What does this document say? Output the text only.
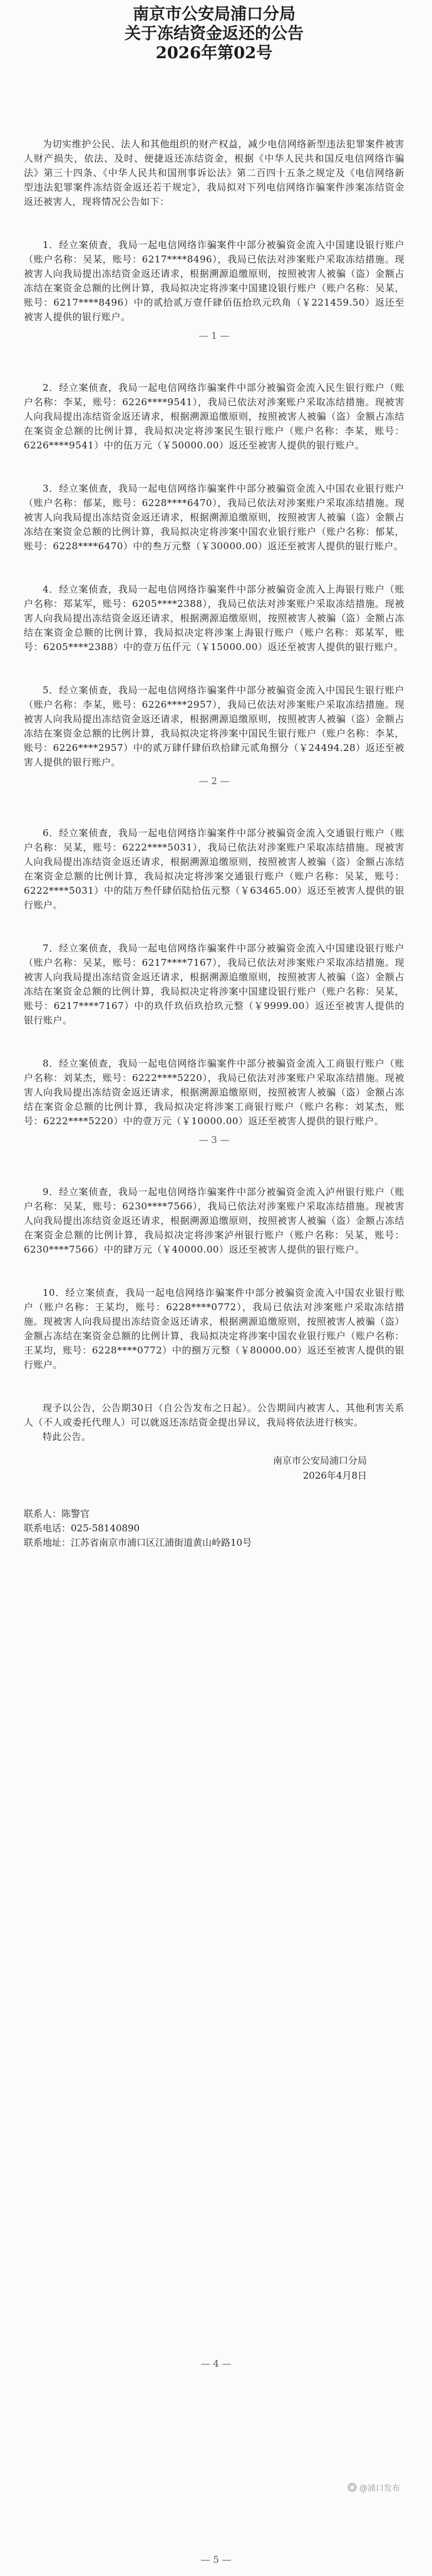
南京市公安局浦口分局
关于冻结资金返还的公告
2026年第02号

为切实维护公民、法人和其他组织的财产权益，减少电信网络新型违法犯罪案件被害人财产损失，依法、及时、便捷返还冻结资金，根据《中华人民共和国反电信网络诈骗法》第三十四条、《中华人民共和国刑事诉讼法》第二百四十五条之规定及《电信网络新型违法犯罪案件冻结资金返还若干规定》，我局拟对下列电信网络诈骗案件涉案冻结资金返还被害人，现将情况公告如下：

1．经立案侦查，我局一起电信网络诈骗案件中部分被骗资金流入中国建设银行账户（账户名称：吴某，账号：6217****8496），我局已依法对涉案账户采取冻结措施。现被害人向我局提出冻结资金返还请求，根据溯源追缴原则，按照被害人被骗（盗）金额占冻结在案资金总额的比例计算，我局拟决定将涉案中国建设银行账户（账户名称：吴某，账号：6217****8496）中的贰拾贰万壹仟肆佰伍拾玖元玖角（￥221459.50）返还至被害人提供的银行账户。

— 1 —

2．经立案侦查，我局一起电信网络诈骗案件中部分被骗资金流入民生银行账户（账户名称：李某，账号：6226****9541），我局已依法对涉案账户采取冻结措施。现被害人向我局提出冻结资金返还请求，根据溯源追缴原则，按照被害人被骗（盗）金额占冻结在案资金总额的比例计算，我局拟决定将涉案民生银行账户（账户名称：李某，账号：6226****9541）中的伍万元（￥50000.00）返还至被害人提供的银行账户。

3．经立案侦查，我局一起电信网络诈骗案件中部分被骗资金流入中国农业银行账户（账户名称：郁某，账号：6228****6470），我局已依法对涉案账户采取冻结措施。现被害人向我局提出冻结资金返还请求，根据溯源追缴原则，按照被害人被骗（盗）金额占冻结在案资金总额的比例计算，我局拟决定将涉案中国农业银行账户（账户名称：郁某，账号：6228****6470）中的叁万元整（￥30000.00）返还至被害人提供的银行账户。

4．经立案侦查，我局一起电信网络诈骗案件中部分被骗资金流入上海银行账户（账户名称：郑某军，账号：6205****2388），我局已依法对涉案账户采取冻结措施。现被害人向我局提出冻结资金返还请求，根据溯源追缴原则，按照被害人被骗（盗）金额占冻结在案资金总额的比例计算，我局拟决定将涉案上海银行账户（账户名称：郑某军，账号：6205****2388）中的壹万伍仟元（￥15000.00）返还至被害人提供的银行账户。

5．经立案侦查，我局一起电信网络诈骗案件中部分被骗资金流入中国民生银行账户（账户名称：李某，账号：6226****2957），我局已依法对涉案账户采取冻结措施。现被害人向我局提出冻结资金返还请求，根据溯源追缴原则，按照被害人被骗（盗）金额占冻结在案资金总额的比例计算，我局拟决定将涉案中国民生银行账户（账户名称：李某，账号：6226****2957）中的贰万肆仟肆佰玖拾肆元贰角捌分（￥24494.28）返还至被害人提供的银行账户。

— 2 —

6．经立案侦查，我局一起电信网络诈骗案件中部分被骗资金流入交通银行账户（账户名称：吴某，账号：6222****5031），我局已依法对涉案账户采取冻结措施。现被害人向我局提出冻结资金返还请求，根据溯源追缴原则，按照被害人被骗（盗）金额占冻结在案资金总额的比例计算，我局拟决定将涉案交通银行账户（账户名称：吴某，账号：6222****5031）中的陆万叁仟肆佰陆拾伍元整（￥63465.00）返还至被害人提供的银行账户。

7．经立案侦查，我局一起电信网络诈骗案件中部分被骗资金流入中国建设银行账户（账户名称：吴某，账号：6217****7167），我局已依法对涉案账户采取冻结措施。现被害人向我局提出冻结资金返还请求，根据溯源追缴原则，按照被害人被骗（盗）金额占冻结在案资金总额的比例计算，我局拟决定将涉案中国建设银行账户（账户名称：吴某，账号：6217****7167）中的玖仟玖佰玖拾玖元整（￥9999.00）返还至被害人提供的银行账户。

8．经立案侦查，我局一起电信网络诈骗案件中部分被骗资金流入工商银行账户（账户名称：刘某杰，账号：6222****5220），我局已依法对涉案账户采取冻结措施。现被害人向我局提出冻结资金返还请求，根据溯源追缴原则，按照被害人被骗（盗）金额占冻结在案资金总额的比例计算，我局拟决定将涉案工商银行账户（账户名称：刘某杰，账号：6222****5220）中的壹万元（￥10000.00）返还至被害人提供的银行账户。

— 3 —

9．经立案侦查，我局一起电信网络诈骗案件中部分被骗资金流入泸州银行账户（账户名称：吴某，账号：6230****7566），我局已依法对涉案账户采取冻结措施。现被害人向我局提出冻结资金返还请求，根据溯源追缴原则，按照被害人被骗（盗）金额占冻结在案资金总额的比例计算，我局拟决定将涉案泸州银行账户（账户名称：吴某，账号：6230****7566）中的肆万元（￥40000.00）返还至被害人提供的银行账户。

10．经立案侦查，我局一起电信网络诈骗案件中部分被骗资金流入中国农业银行账户（账户名称：王某均，账号：6228****0772），我局已依法对涉案账户采取冻结措施。现被害人向我局提出冻结资金返还请求，根据溯源追缴原则，按照被害人被骗（盗）金额占冻结在案资金总额的比例计算，我局拟决定将涉案中国农业银行账户（账户名称：王某均，账号：6228****0772）中的捌万元整（￥80000.00）返还至被害人提供的银行账户。

现予以公告，公告期30日（自公告发布之日起）。公告期间内被害人、其他利害关系人（不人或委托代理人）可以就返还冻结资金提出异议，我局将依法进行核实。

特此公告。

南京市公安局浦口分局
2026年4月8日
联系人：陈警官
联系电话：025-58140890
联系地址：江苏省南京市浦口区江浦街道黄山岭路10号
— 4 —
◉ @浦口发布
— 5 —
